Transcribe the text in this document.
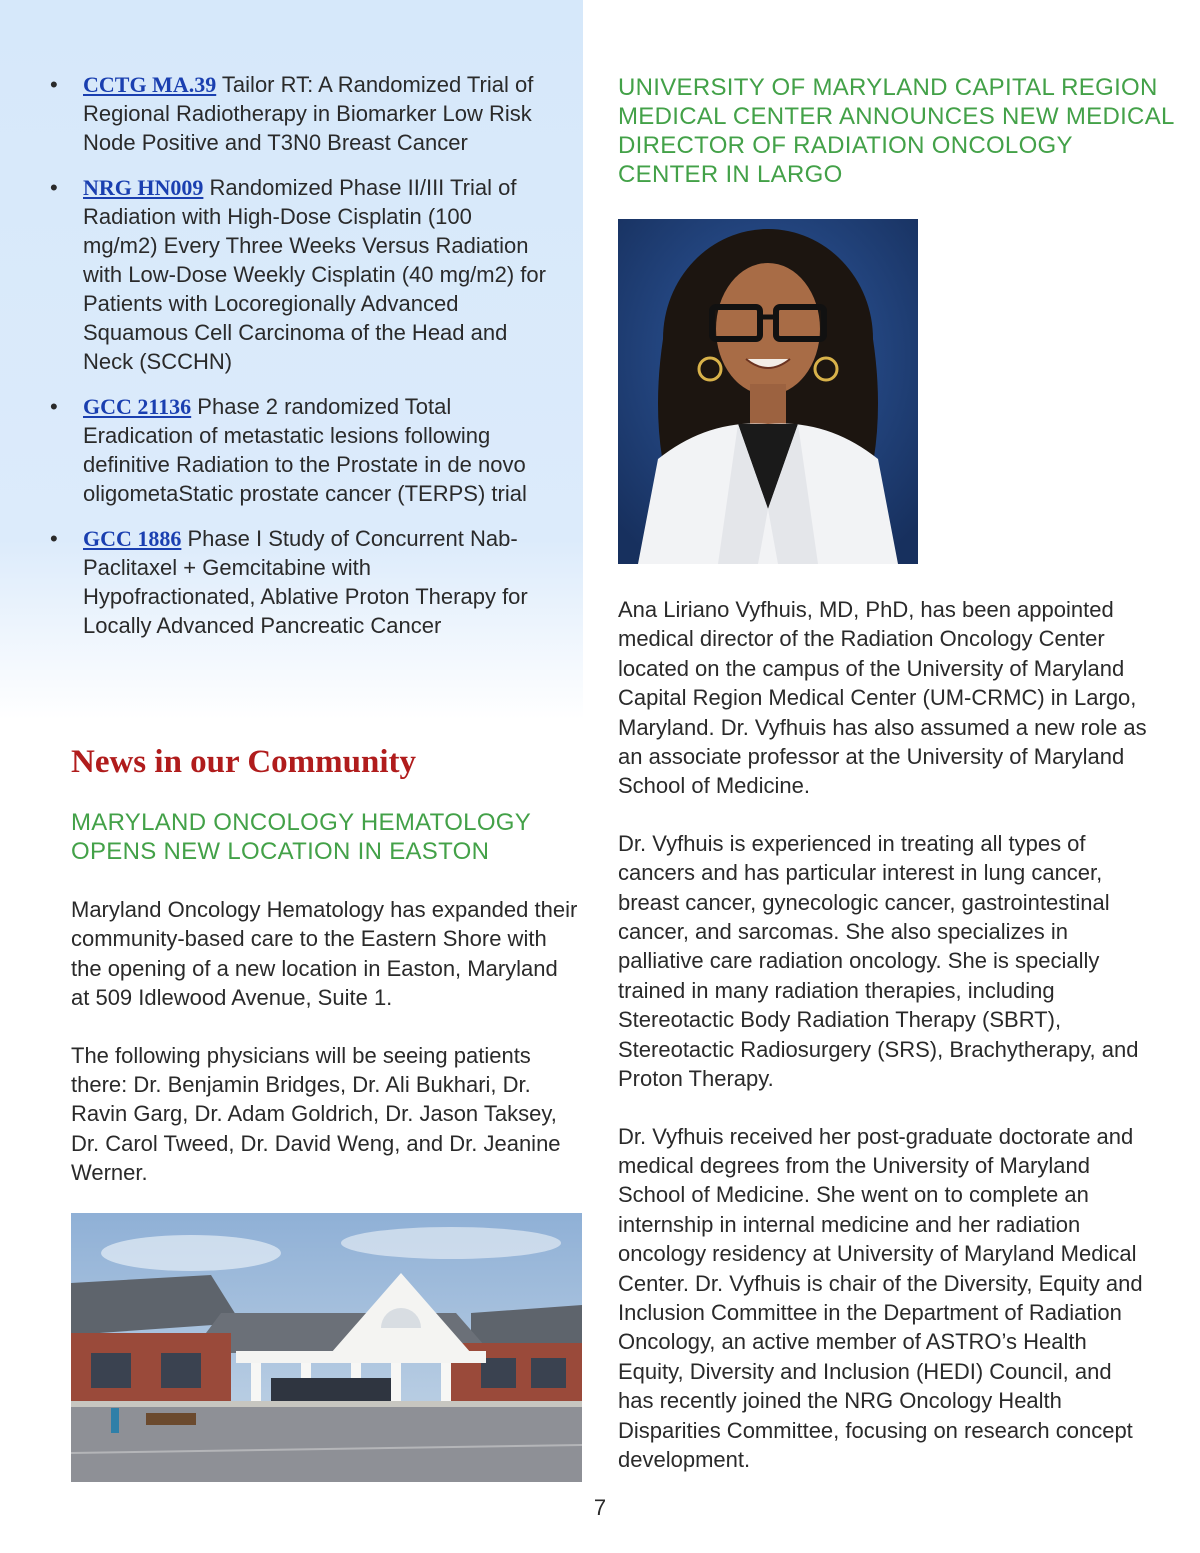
• CCTG MA.39 Tailor RT: A Randomized Trial of Regional Radiotherapy in Biomarker Low Risk Node Positive and T3N0 Breast Cancer
• NRG HN009 Randomized Phase II/III Trial of Radiation with High-Dose Cisplatin (100 mg/m2) Every Three Weeks Versus Radiation with Low-Dose Weekly Cisplatin (40 mg/m2) for Patients with Locoregionally Advanced Squamous Cell Carcinoma of the Head and Neck (SCCHN)
• GCC 21136 Phase 2 randomized Total Eradication of metastatic lesions following definitive Radiation to the Prostate in de novo oligometaStatic prostate cancer (TERPS) trial
• GCC 1886 Phase I Study of Concurrent Nab-Paclitaxel + Gemcitabine with Hypofractionated, Ablative Proton Therapy for Locally Advanced Pancreatic Cancer
News in our Community
MARYLAND ONCOLOGY HEMATOLOGY OPENS NEW LOCATION IN EASTON

Maryland Oncology Hematology has expanded their community-based care to the Eastern Shore with the opening of a new location in Easton, Maryland at 509 Idlewood Avenue, Suite 1.

The following physicians will be seeing patients there: Dr. Benjamin Bridges, Dr. Ali Bukhari, Dr. Ravin Garg, Dr. Adam Goldrich, Dr. Jason Taksey, Dr. Carol Tweed, Dr. David Weng, and Dr. Jeanine Werner.

UNIVERSITY OF MARYLAND CAPITAL REGION MEDICAL CENTER ANNOUNCES NEW MEDICAL DIRECTOR OF RADIATION ONCOLOGY CENTER IN LARGO

Ana Liriano Vyfhuis, MD, PhD, has been appointed medical director of the Radiation Oncology Center located on the campus of the University of Maryland Capital Region Medical Center (UM-CRMC) in Largo, Maryland. Dr. Vyfhuis has also assumed a new role as an associate professor at the University of Maryland School of Medicine.

Dr. Vyfhuis is experienced in treating all types of cancers and has particular interest in lung cancer, breast cancer, gynecologic cancer, gastrointestinal cancer, and sarcomas. She also specializes in palliative care radiation oncology. She is specially trained in many radiation therapies, including Stereotactic Body Radiation Therapy (SBRT), Stereotactic Radiosurgery (SRS), Brachytherapy, and Proton Therapy.

Dr. Vyfhuis received her post-graduate doctorate and medical degrees from the University of Maryland School of Medicine. She went on to complete an internship in internal medicine and her radiation oncology residency at University of Maryland Medical Center. Dr. Vyfhuis is chair of the Diversity, Equity and Inclusion Committee in the Department of Radiation Oncology, an active member of ASTRO’s Health Equity, Diversity and Inclusion (HEDI) Council, and has recently joined the NRG Oncology Health Disparities Committee, focusing on research concept development.

7
